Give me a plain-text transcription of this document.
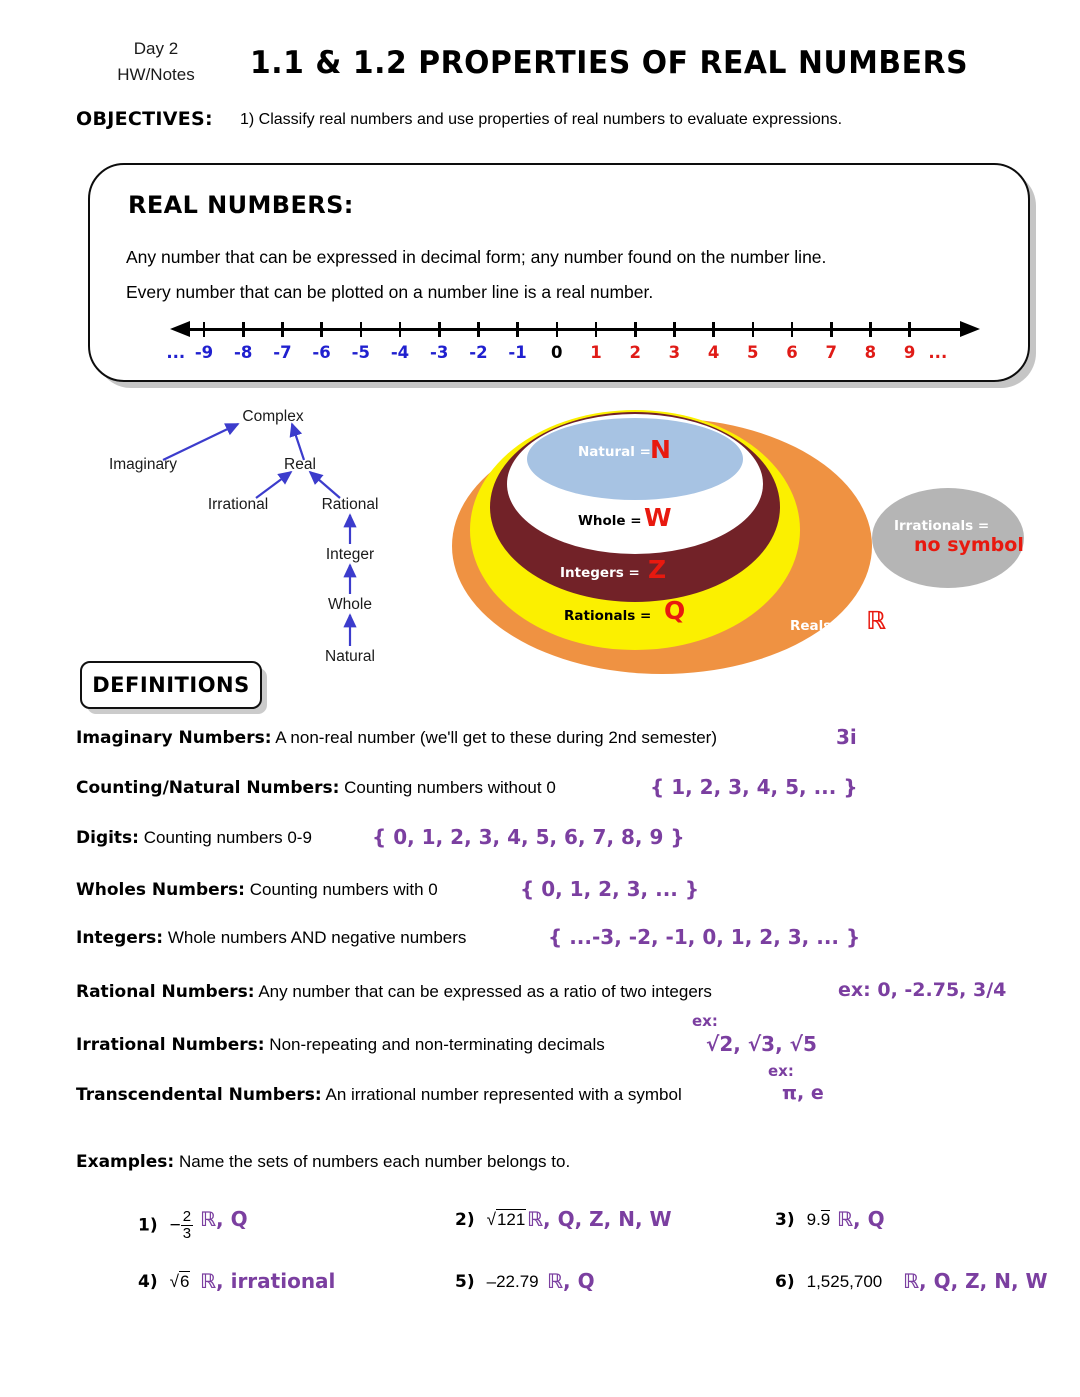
Day 2
HW/Notes	1.1 & 1.2 PROPERTIES OF REAL NUMBERS
OBJECTIVES: 1) Classify real numbers and use properties of real numbers to evaluate expressions.
REAL NUMBERS:
Any number that can be expressed in decimal form; any number found on the number line.
Every number that can be plotted on a number line is a real number.
-9 -8 -7 -6 -5 -4 -3 -2 -1 0 1 2 3 4 5 6 7 8 9
...	...
Complex
Imaginary	Real
Irrational	Rational
Integer
Whole
Natural
Natural = N
Whole = W
Integers = Z
Rationals = Q
Reals = ℝ
Irrationals =
no symbol
DEFINITIONS
Imaginary Numbers: A non-real number (we'll get to these during 2nd semester)	3i
Counting/Natural Numbers: Counting numbers without 0	{ 1, 2, 3, 4, 5, ... }
Digits: Counting numbers 0-9	{ 0, 1, 2, 3, 4, 5, 6, 7, 8, 9 }
Wholes Numbers: Counting numbers with 0	{ 0, 1, 2, 3, ... }
Integers: Whole numbers AND negative numbers	{ ...-3, -2, -1, 0, 1, 2, 3, ... }
Rational Numbers: Any number that can be expressed as a ratio of two integers	ex: 0, -2.75, 3/4
Irrational Numbers: Non-repeating and non-terminating decimals	√2, √3, √5
ex:
Transcendental Numbers: An irrational number represented with a symbol	π, e
ex:
Examples: Name the sets of numbers each number belongs to.
$1) - \frac{2}{3}$ ℝ, Q	2) √121 ℝ, Q, Z, N, W	3) 9.9 ℝ, Q
4) √6 ℝ, irrational	5) –22.79 ℝ, Q	6) 1,525,700 ℝ, Q, Z, N, W
